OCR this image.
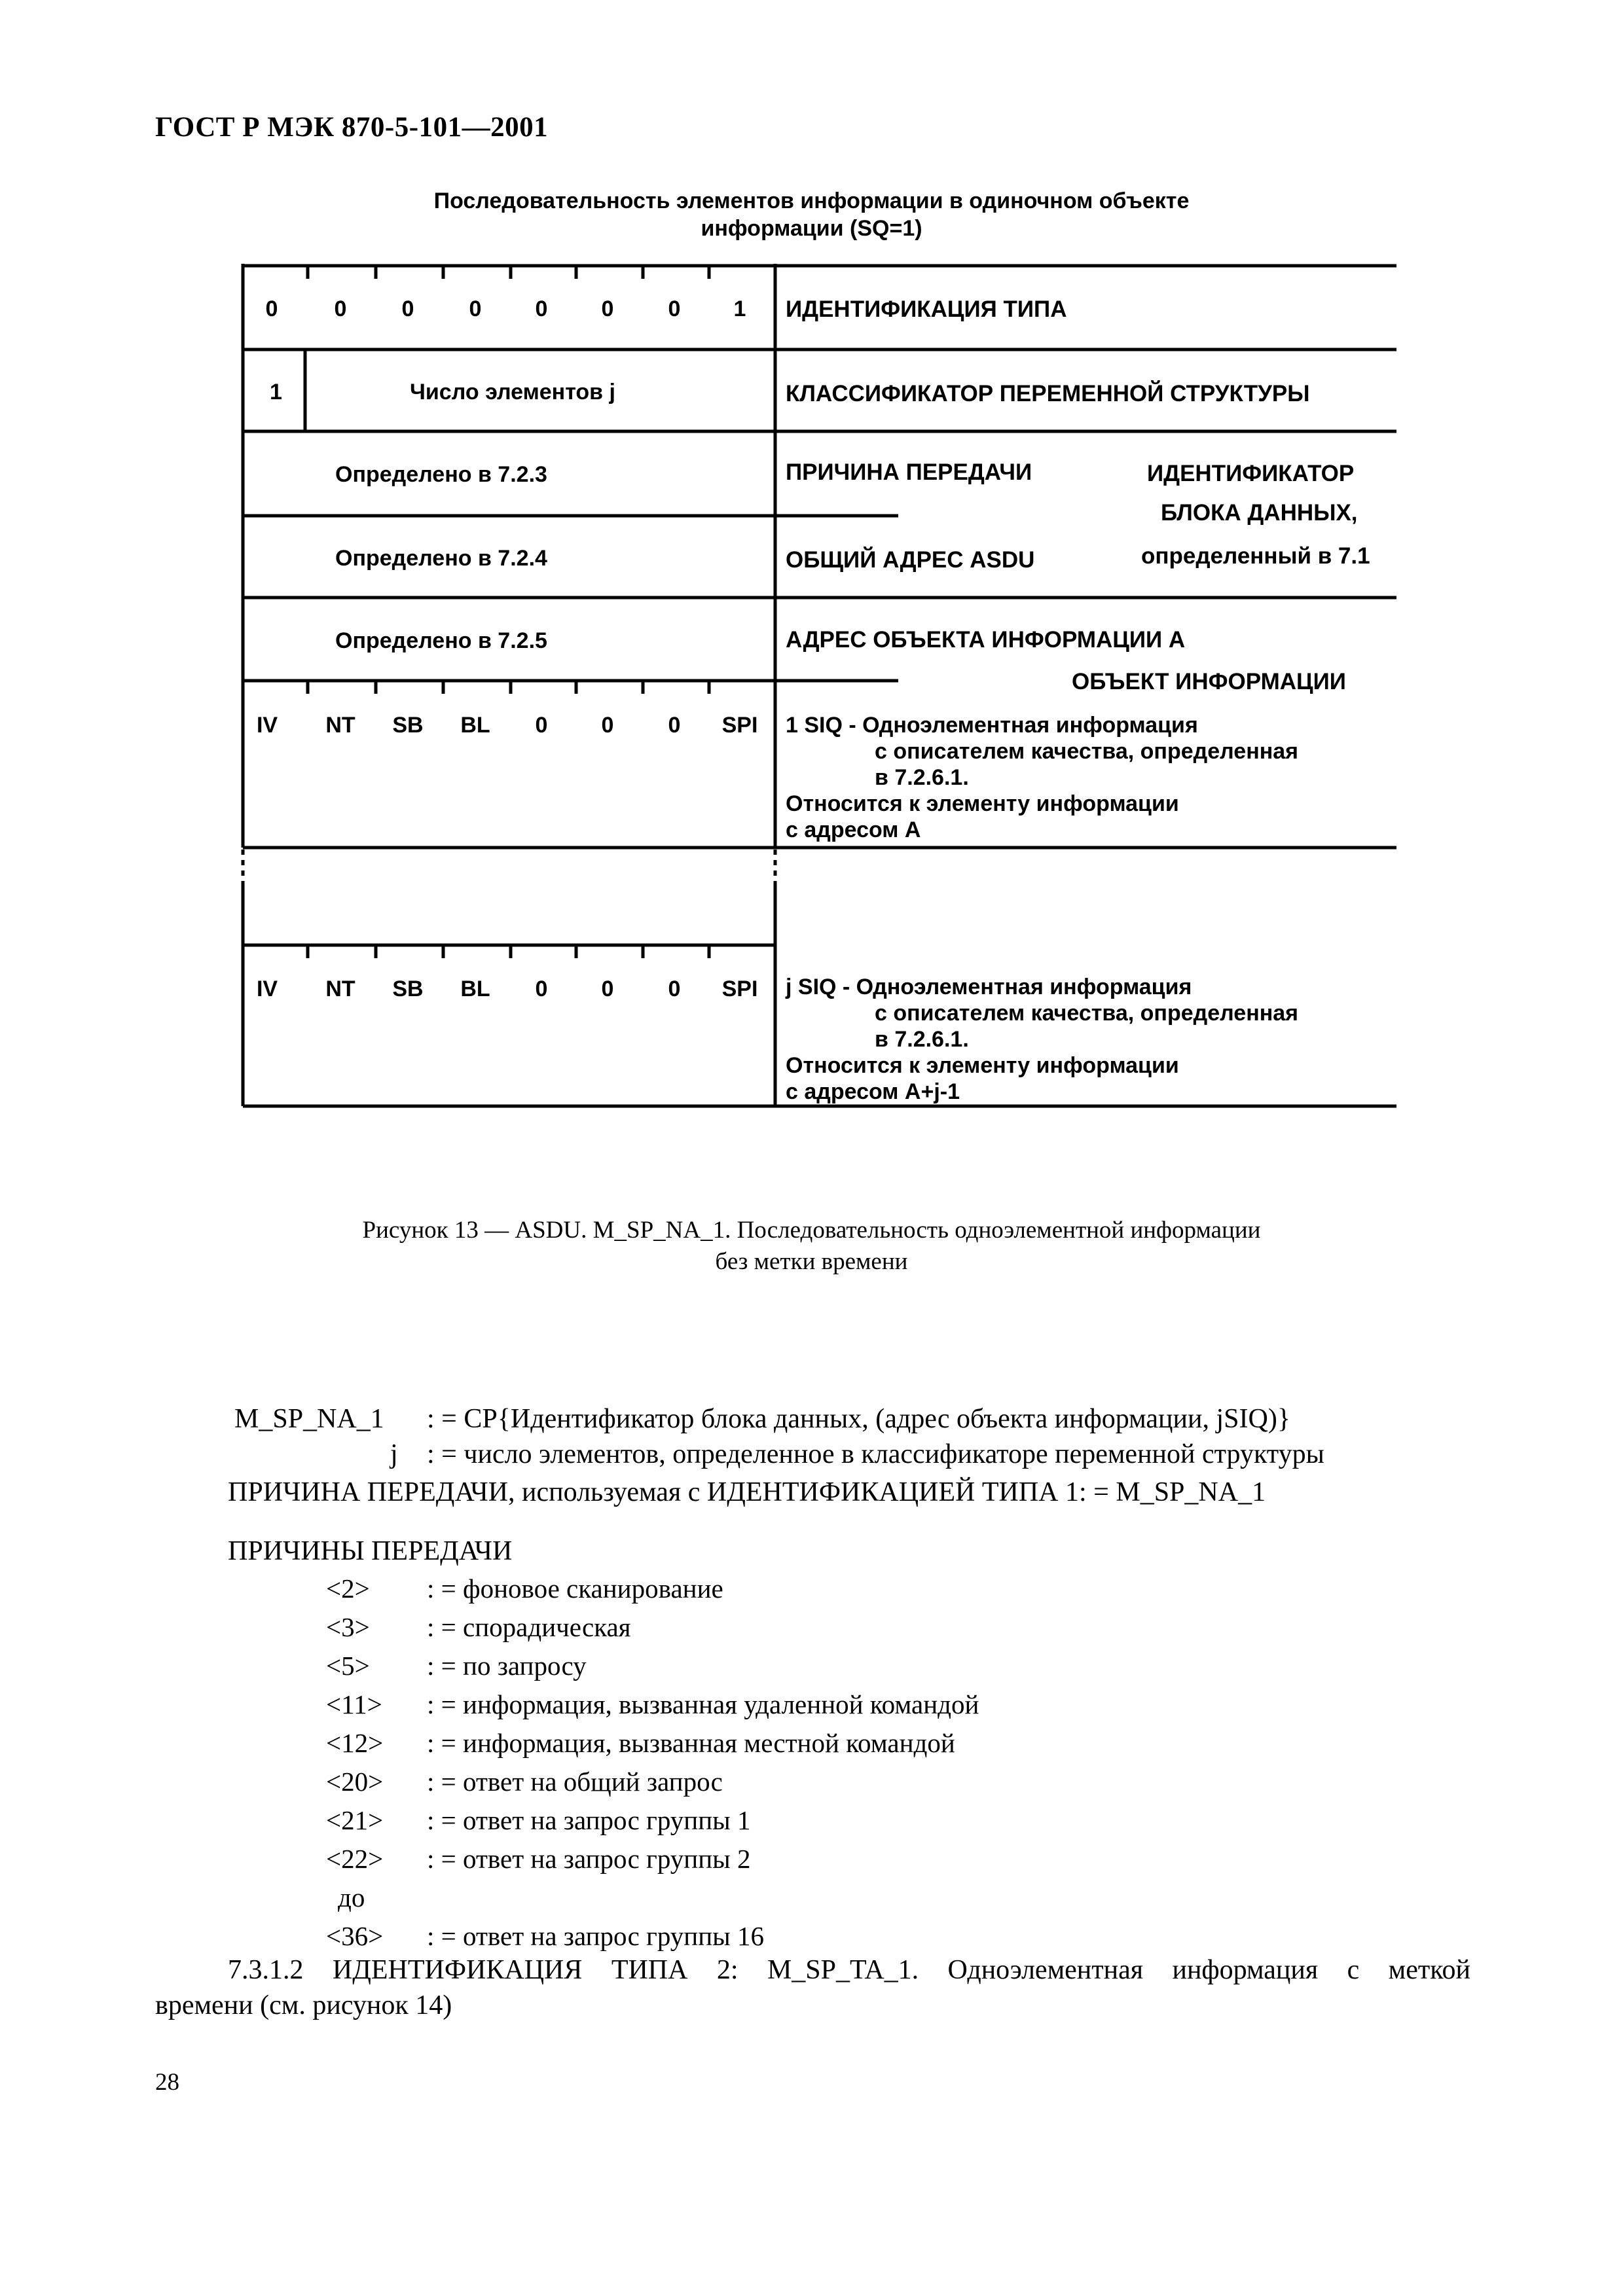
ГОСТ Р МЭК 870-5-101—2001
Последовательность элементов информации в одиночном объекте
информации (SQ=1)
0	0	0	0	0	0	0	1	ИДЕНТИФИКАЦИЯ ТИПА
1	Число элементов j	КЛАССИФИКАТОР ПЕРЕМЕННОЙ СТРУКТУРЫ
Определено в 7.2.3	ПРИЧИНА ПЕРЕДАЧИ	ИДЕНТИФИКАТОР
БЛОКА ДАННЫХ,
определенный в 7.1
Определено в 7.2.4	ОБЩИЙ АДРЕС ASDU
Определено в 7.2.5	АДРЕС ОБЪЕКТА ИНФОРМАЦИИ А
ОБЪЕКТ ИНФОРМАЦИИ
IV	NT	SB	BL	0	0	0	SPI	1 SIQ - Одноэлементная информация
с описателем качества, определенная
в 7.2.6.1.
Относится к элементу информации
с адресом А
IV	NT	SB	BL	0	0	0	SPI	j SIQ - Одноэлементная информация
с описателем качества, определенная
в 7.2.6.1.
Относится к элементу информации
с адресом А+j-1
Рисунок 13 — ASDU. M_SP_NA_1. Последовательность одноэлементной информации
без метки времени
M_SP_NA_1 : = CP{Идентификатор блока данных, (адрес объекта информации, jSIQ)}
j : = число элементов, определенное в классификаторе переменной структуры
ПРИЧИНА ПЕРЕДАЧИ, используемая с ИДЕНТИФИКАЦИЕЙ ТИПА 1: = M_SP_NA_1
ПРИЧИНЫ ПЕРЕДАЧИ
<2> : = фоновое сканирование
<3> : = спорадическая
<5> : = по запросу
<11> : = информация, вызванная удаленной командой
<12> : = информация, вызванная местной командой
<20> : = ответ на общий запрос
<21> : = ответ на запрос группы 1
<22> : = ответ на запрос группы 2
до
<36> : = ответ на запрос группы 16
7.3.1.2 ИДЕНТИФИКАЦИЯ ТИПА 2: M_SP_TA_1. Одноэлементная информация с меткой
времени (см. рисунок 14)
28
